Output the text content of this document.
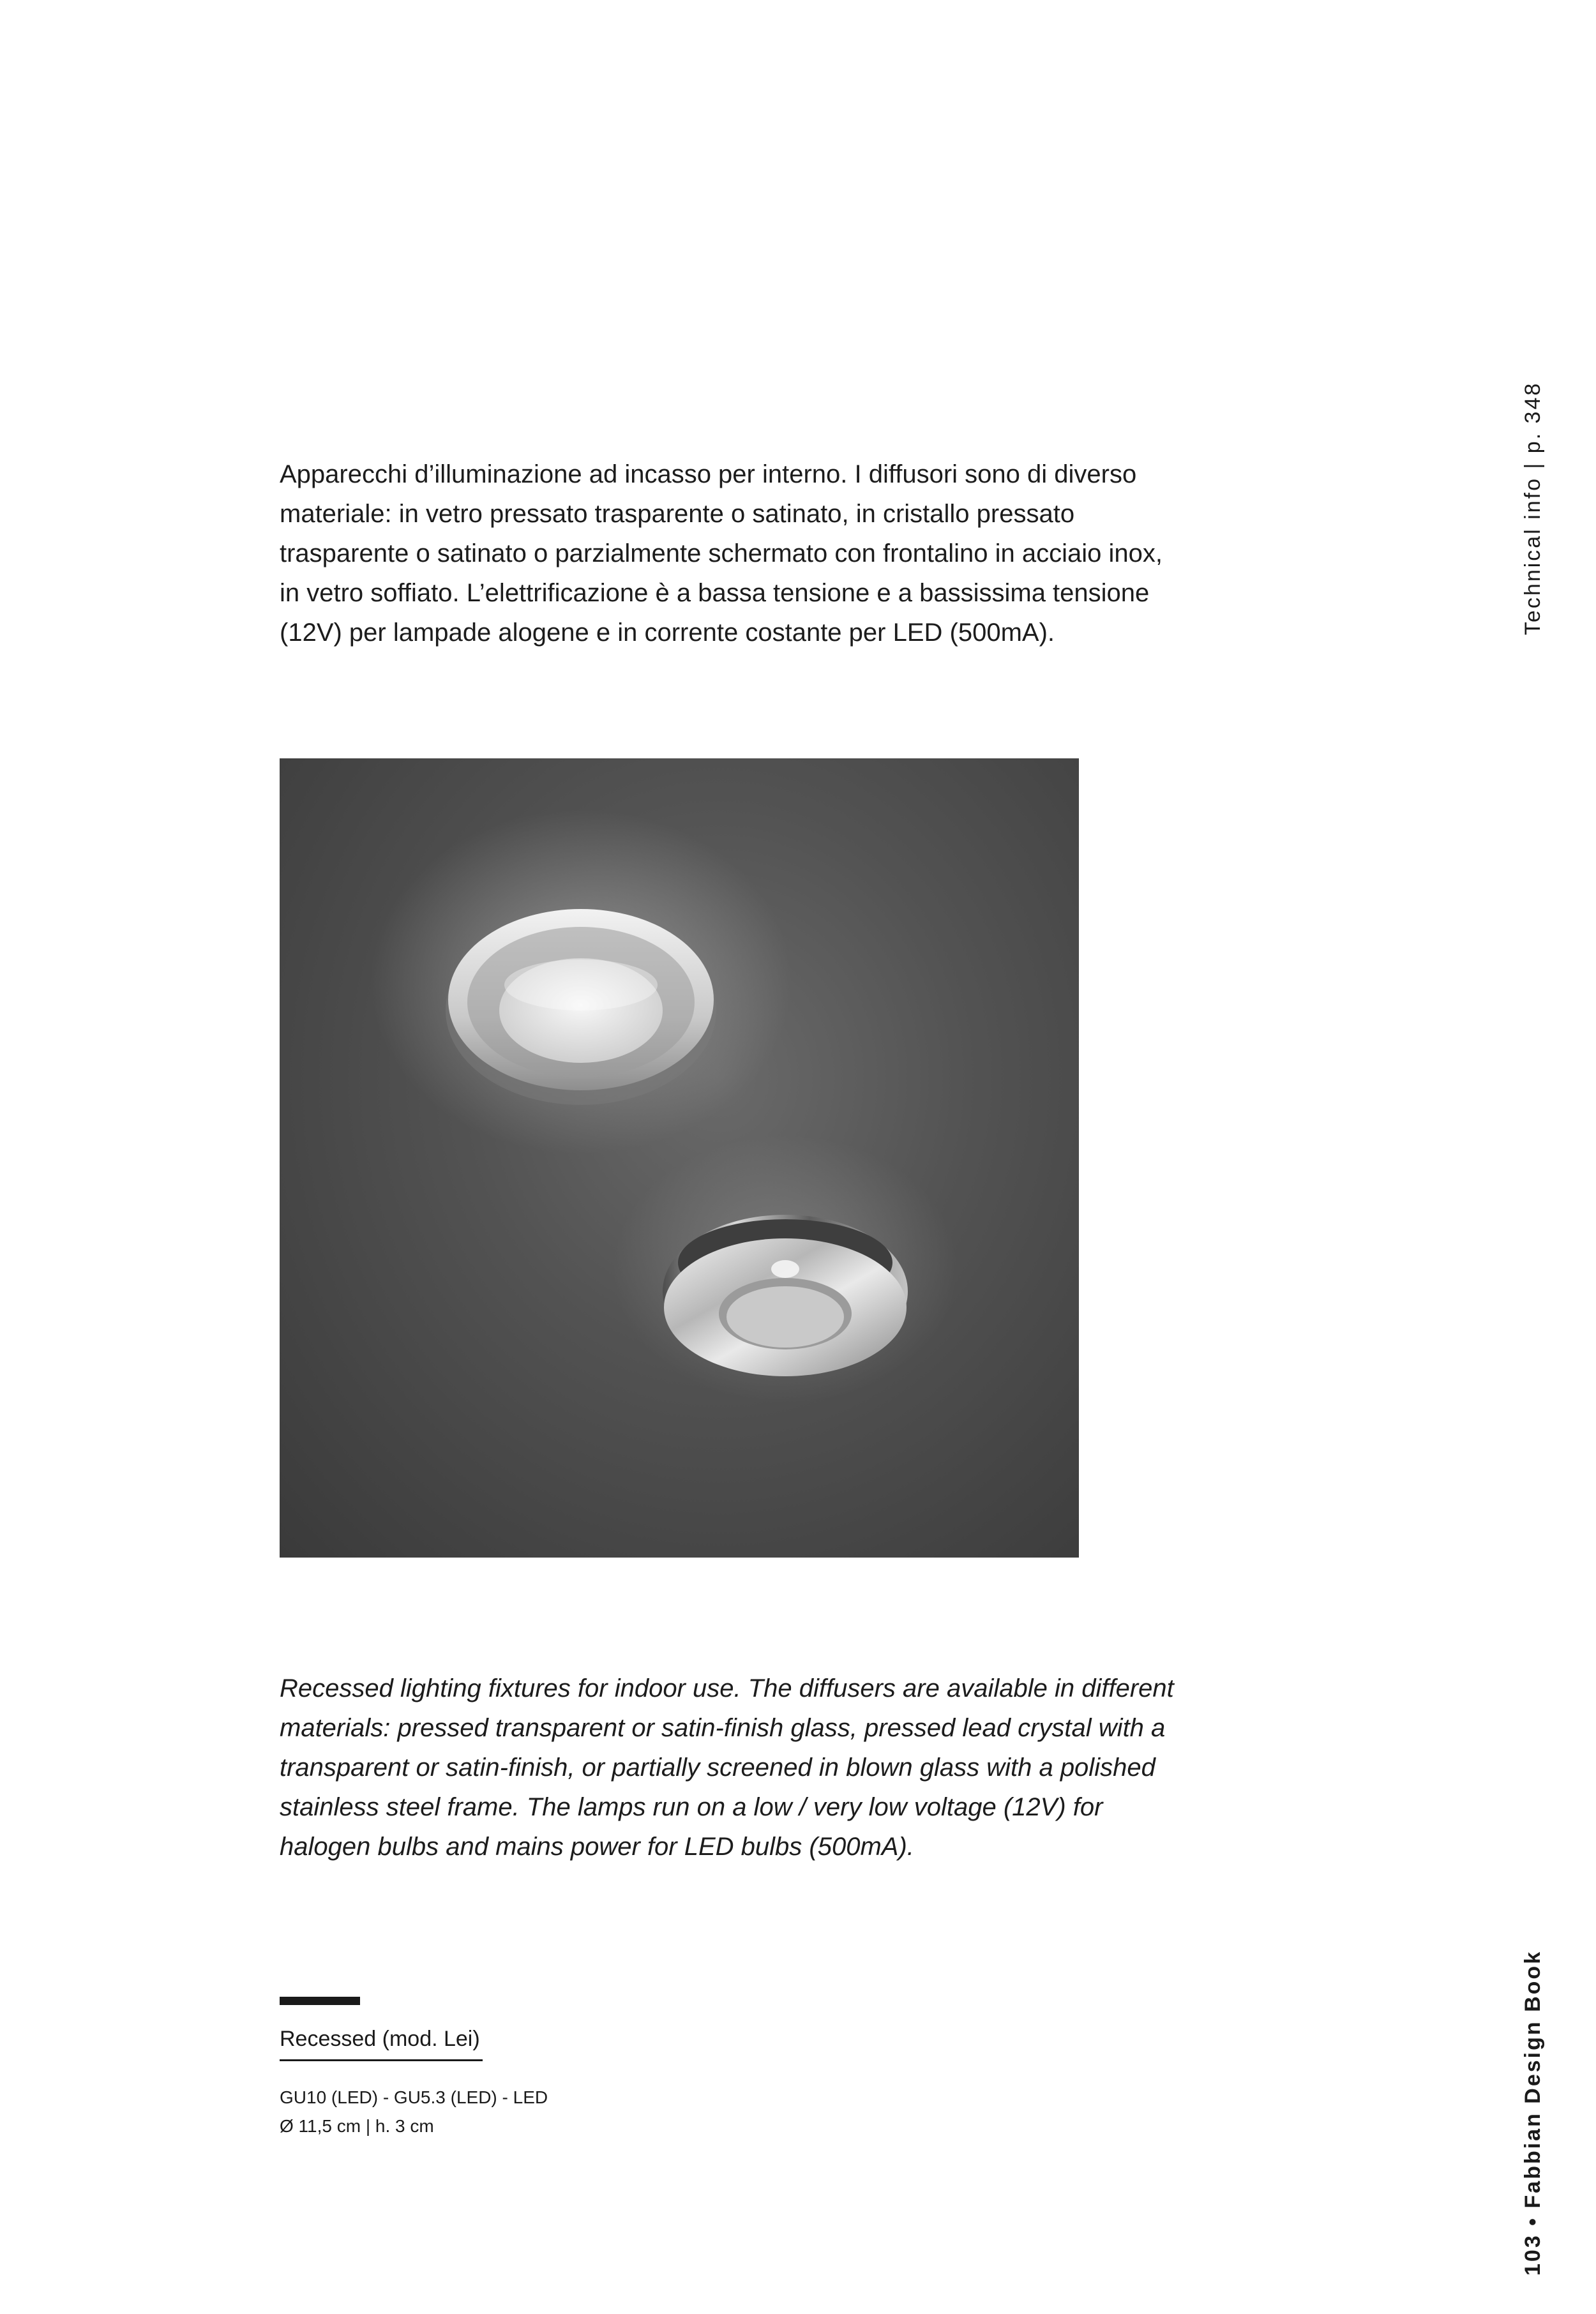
Technical info | p. 348

Apparecchi d’illuminazione ad incasso per interno. I diffusori sono di diverso materiale: in vetro pressato trasparente o satinato, in cristallo pressato trasparente o satinato o parzialmente schermato con frontalino in acciaio inox, in vetro soffiato. L’elettrificazione è a bassa tensione e a bassissima tensione (12V) per lampade alogene e in corrente costante per LED (500mA).

Recessed lighting fixtures for indoor use. The diffusers are available in different materials: pressed transparent or satin-finish glass, pressed lead crystal with a transparent or satin-finish, or partially screened in blown glass with a polished stainless steel frame. The lamps run on a low / very low voltage (12V) for halogen bulbs and mains power for LED bulbs (500mA).

Recessed (mod. Lei)
GU10 (LED) - GU5.3 (LED) - LED
Ø 11,5 cm | h. 3 cm	103 • Fabbian Design Book
